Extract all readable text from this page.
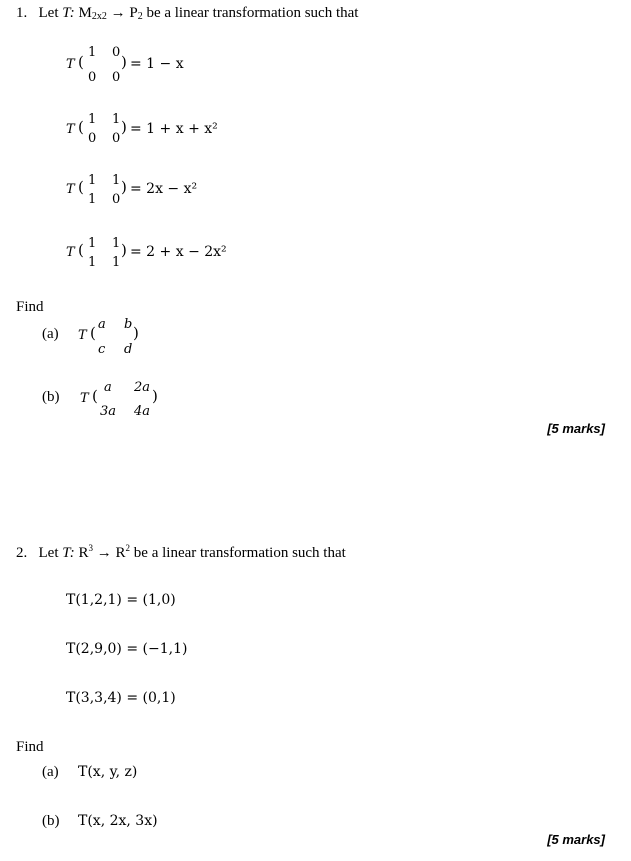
1. Let T: $M_{2x2} \to P_2$ be a linear transformation such that
T (
1 0
0 0
) = 1 − x
T ( 1 1
0 0
) = 1 + x + x²
T ( 1 1
1 0
) = 2x − x²
T ( 1 1
1 1
) = 2 + x − 2x²
Find
(a) T ( a b
c d
)
(b) T ( a 2a
3a 4a
)
[5 marks]
2. Let T: $R^3 \to R^2$ be a linear transformation such that
T(1,2,1) = (1,0)
T(2,9,0) = (−1,1)
T(3,3,4) = (0,1)
Find
(a) T(x, y, z)
(b) T(x, 2x, 3x)
[5 marks]
